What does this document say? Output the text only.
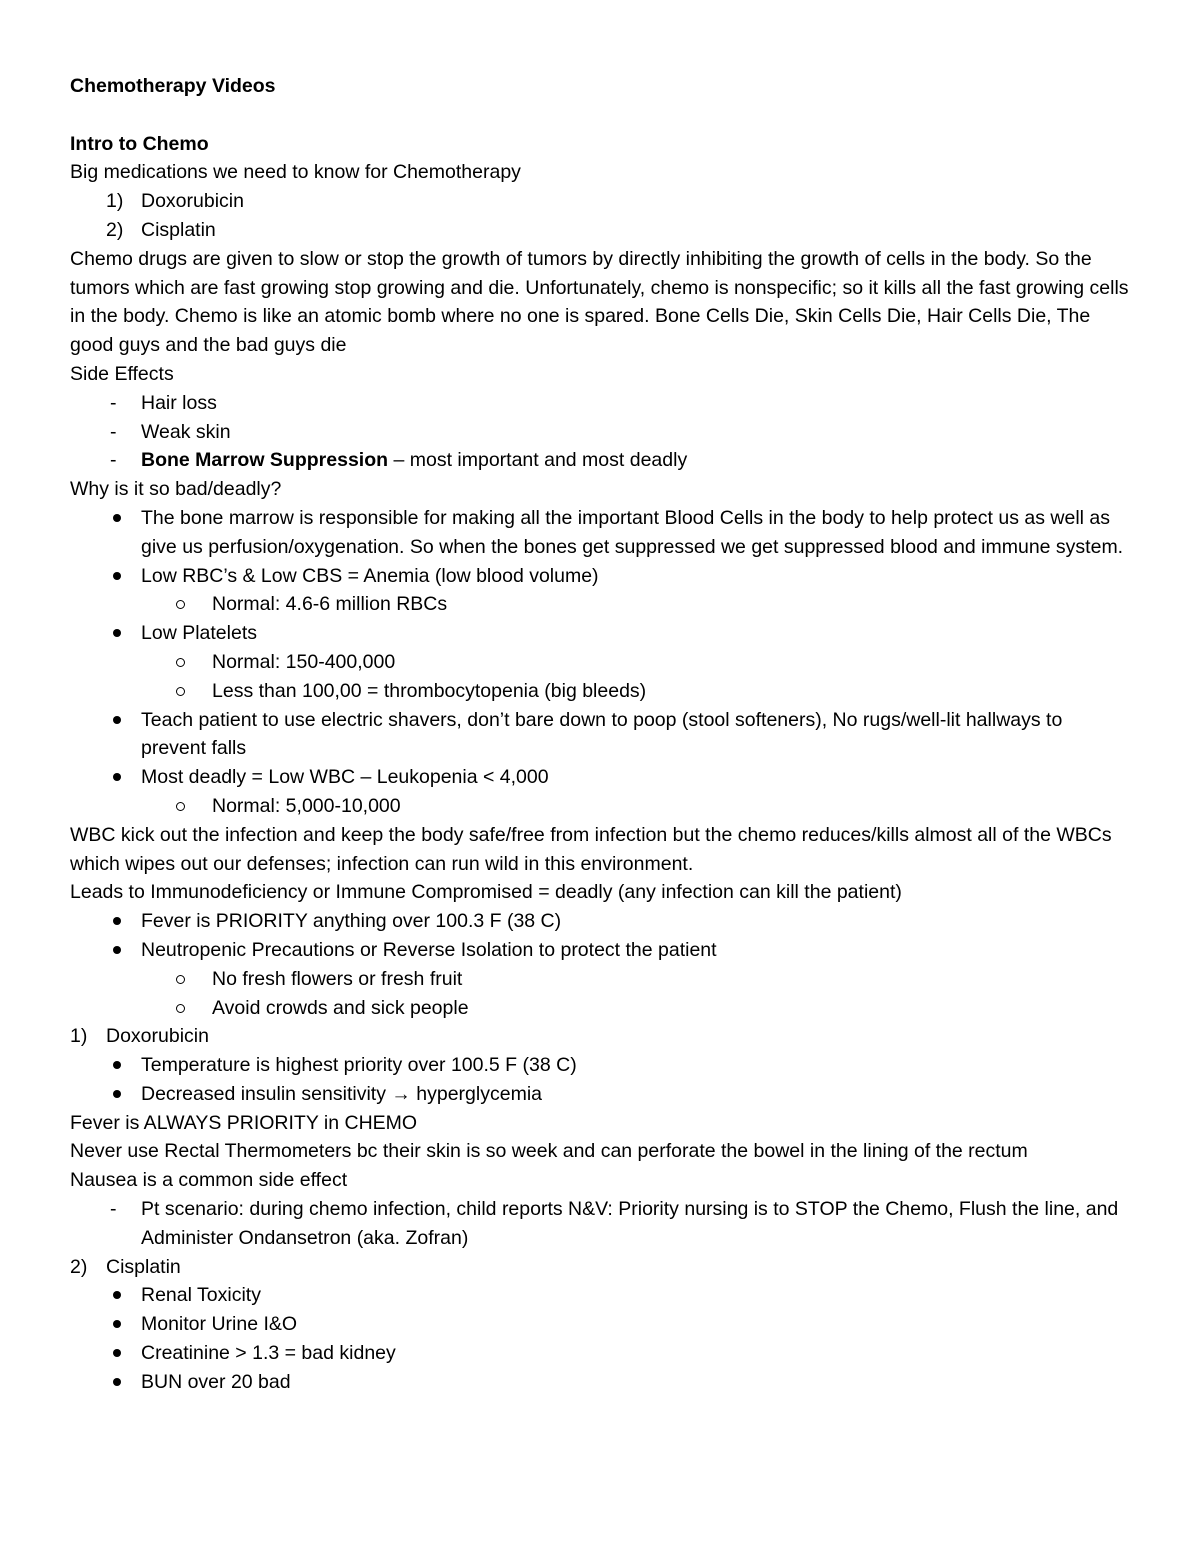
Chemotherapy Videos

Intro to Chemo

Big medications we need to know for Chemotherapy

1) Doxorubicin
2) Cisplatin

Chemo drugs are given to slow or stop the growth of tumors by directly inhibiting the growth of cells in the body. So the tumors which are fast growing stop growing and die. Unfortunately, chemo is nonspecific; so it kills all the fast growing cells in the body. Chemo is like an atomic bomb where no one is spared. Bone Cells Die, Skin Cells Die, Hair Cells Die, The good guys and the bad guys die

Side Effects

- Hair loss
- Weak skin
- Bone Marrow Suppression – most important and most deadly

Why is it so bad/deadly?

The bone marrow is responsible for making all the important Blood Cells in the body to help protect us as well as give us perfusion/oxygenation. So when the bones get suppressed we get suppressed blood and immune system.
Low RBC’s & Low CBS = Anemia (low blood volume)
Normal: 4.6-6 million RBCs
Low Platelets
Normal: 150-400,000
Less than 100,00 = thrombocytopenia (big bleeds)
Teach patient to use electric shavers, don’t bare down to poop (stool softeners), No rugs/well-lit hallways to prevent falls
Most deadly = Low WBC – Leukopenia < 4,000
Normal: 5,000-10,000

WBC kick out the infection and keep the body safe/free from infection but the chemo reduces/kills almost all of the WBCs which wipes out our defenses; infection can run wild in this environment.

Leads to Immunodeficiency or Immune Compromised = deadly (any infection can kill the patient)

Fever is PRIORITY anything over 100.3 F (38 C)
Neutropenic Precautions or Reverse Isolation to protect the patient
No fresh flowers or fresh fruit
Avoid crowds and sick people
1) Doxorubicin
Temperature is highest priority over 100.5 F (38 C)
Decreased insulin sensitivity → hyperglycemia

Fever is ALWAYS PRIORITY in CHEMO

Never use Rectal Thermometers bc their skin is so week and can perforate the bowel in the lining of the rectum

Nausea is a common side effect

- Pt scenario: during chemo infection, child reports N&V: Priority nursing is to STOP the Chemo, Flush the line, and Administer Ondansetron (aka. Zofran)
2) Cisplatin
Renal Toxicity
Monitor Urine I&O
Creatinine > 1.3 = bad kidney
BUN over 20 bad
